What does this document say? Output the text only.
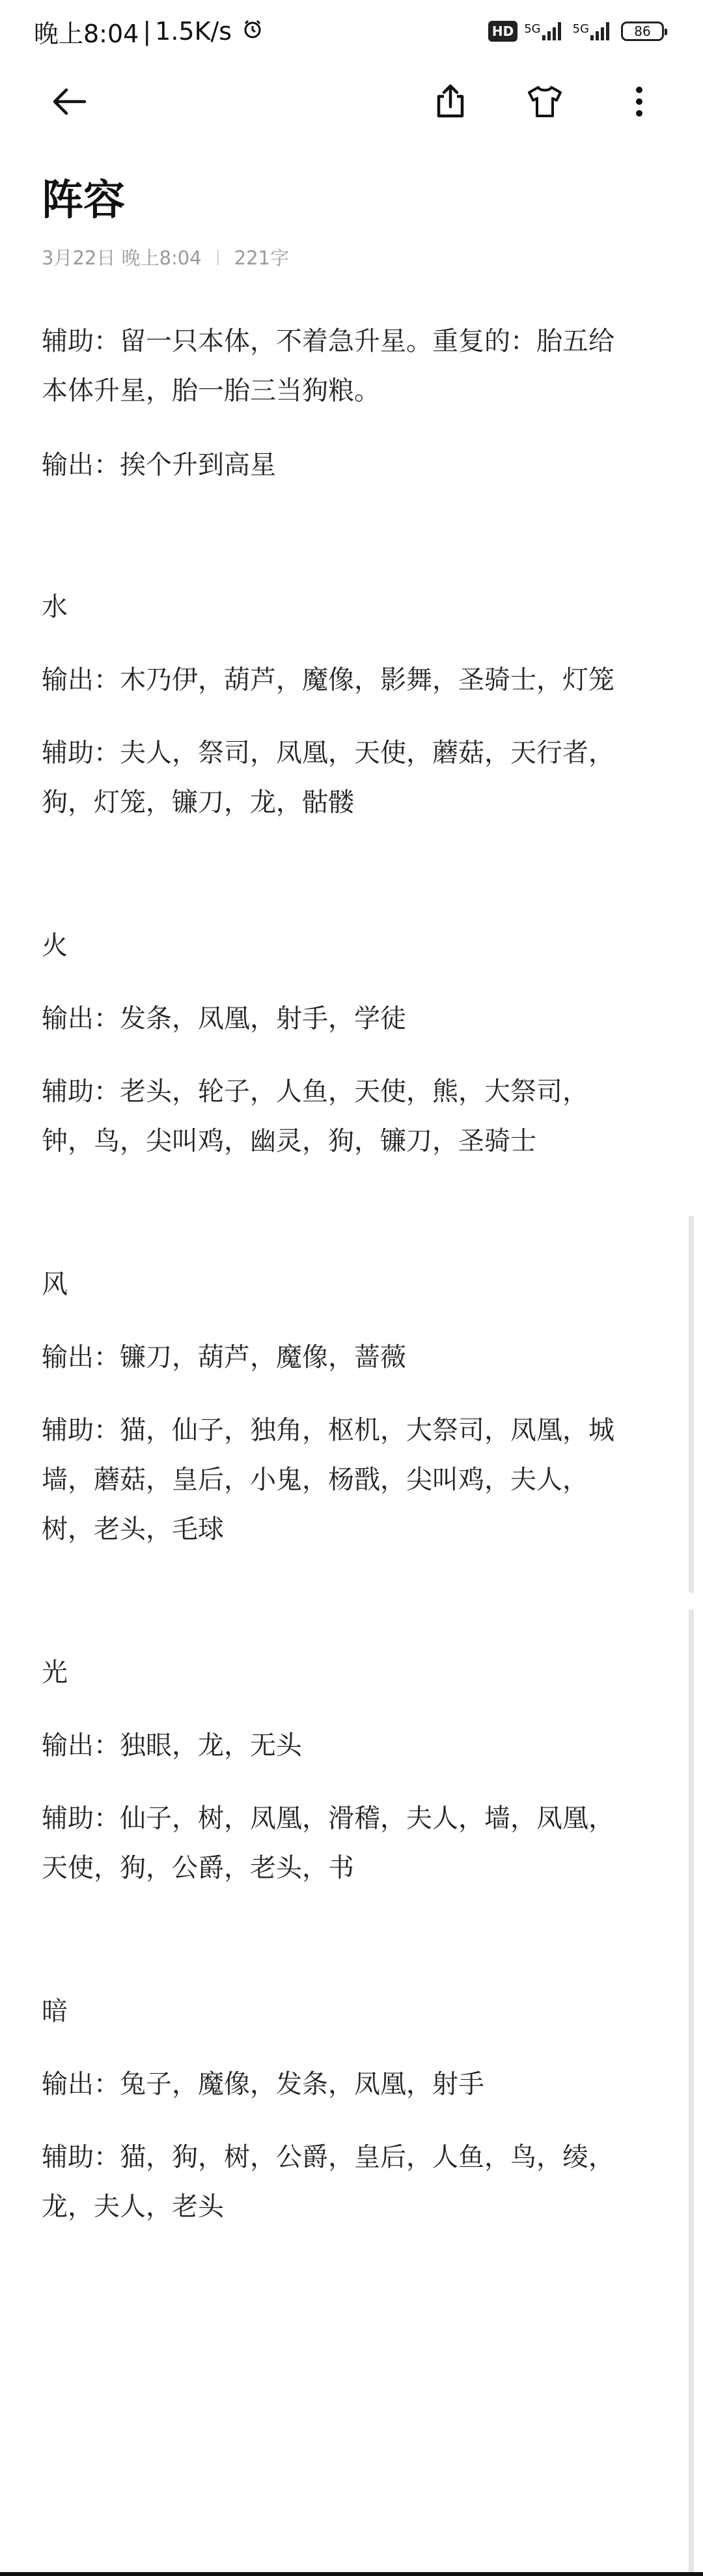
晚上8:04 | 1.5K/s	HD 5G	5G	86
阵容
3月22日 晚上8:04 221字
辅助：留一只本体，不着急升星。重复的：胎五给
本体升星，胎一胎三当狗粮。
输出：挨个升到高星
水
输出：木乃伊，葫芦，魔像，影舞，圣骑士，灯笼
辅助：夫人，祭司，凤凰，天使，蘑菇，天行者，
狗，灯笼，镰刀，龙，骷髅
火
输出：发条，凤凰，射手，学徒
辅助：老头，轮子，人鱼，天使，熊，大祭司，
钟，鸟，尖叫鸡，幽灵，狗，镰刀，圣骑士
风
输出：镰刀，葫芦，魔像，蔷薇
辅助：猫，仙子，独角，枢机，大祭司，凤凰，城
墙，蘑菇，皇后，小鬼，杨戬，尖叫鸡，夫人，
树，老头，毛球
光
输出：独眼，龙，无头
辅助：仙子，树，凤凰，滑稽，夫人，墙，凤凰，
天使，狗，公爵，老头，书
暗
输出：兔子，魔像，发条，凤凰，射手
辅助：猫，狗，树，公爵，皇后，人鱼，鸟，绫，
龙，夫人，老头
